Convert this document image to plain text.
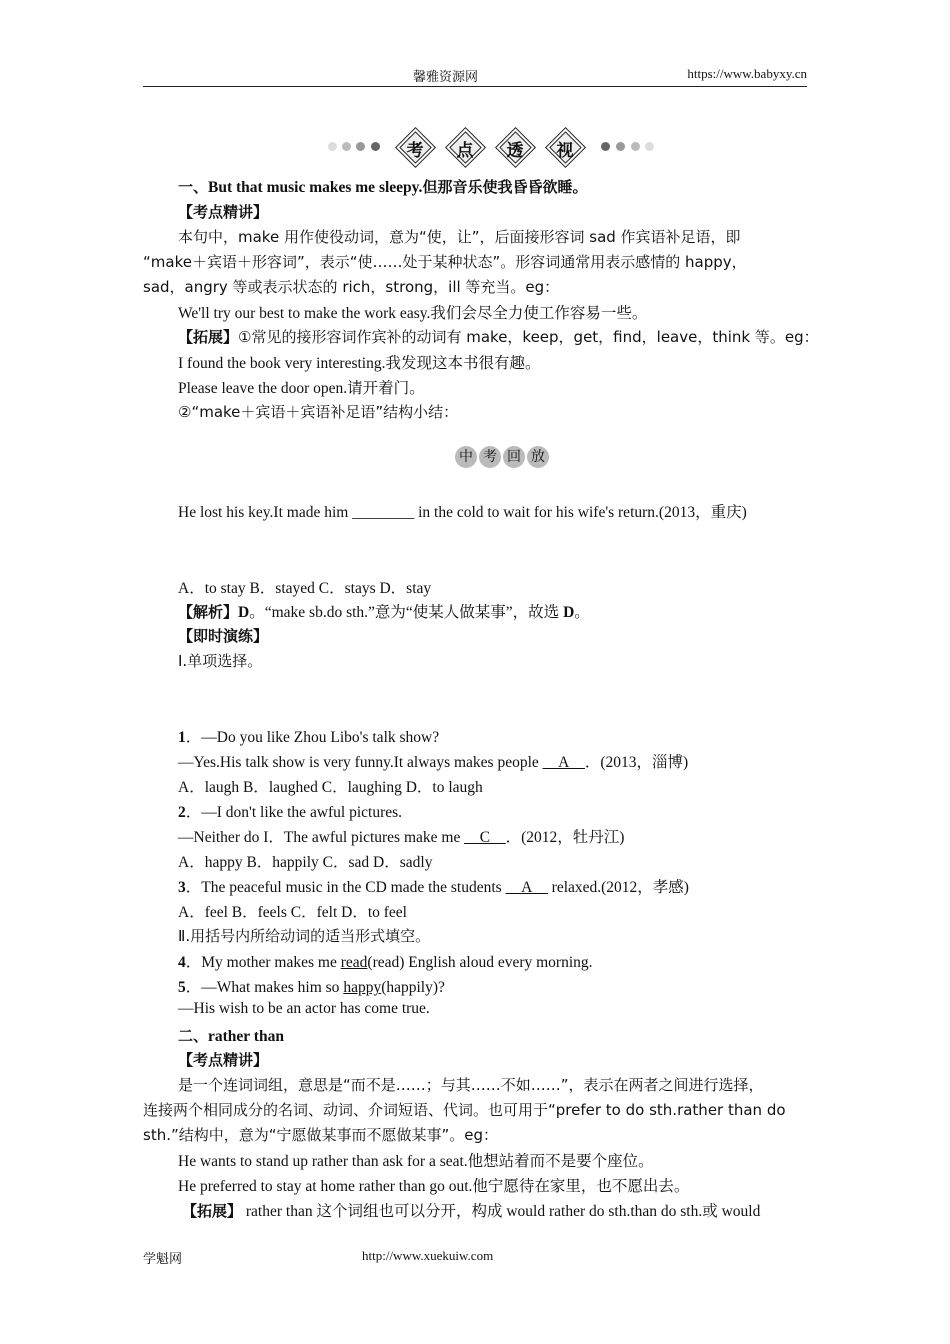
馨雅资源网	https://www.babyxy.cn
考	点	透	视
一、But that music makes me sleepy.但那音乐使我昏昏欲睡。
【考点精讲】
本句中，make 用作使役动词，意为“使，让”，后面接形容词 sad 作宾语补足语，即
“make＋宾语＋形容词”，表示“使……处于某种状态”。形容词通常用表示感情的 happy，
sad，angry 等或表示状态的 rich，strong，ill 等充当。eg：
We'll try our best to make the work easy.我们会尽全力使工作容易一些。
【拓展】①常见的接形容词作宾补的动词有 make，keep，get，find，leave，think 等。eg：
I found the book very interesting.我发现这本书很有趣。
Please leave the door open.请开着门。
②“make＋宾语＋宾语补足语”结构小结：
中 考 回 放
He lost his key.It made him ________ in the cold to wait for his wife's return.(2013，重庆)
A．to stay B．stayed C．stays D．stay
【解析】D。“make sb.do sth.”意为“使某人做某事”，故选 D。
【即时演练】
Ⅰ.单项选择。
1．—Do you like Zhou Libo's talk show?
—Yes.His talk show is very funny.It always makes people __A__．(2013，淄博)
A．laugh B．laughed C．laughing D．to laugh
2．—I don't like the awful pictures.
—Neither do I．The awful pictures make me __C__．(2012，牡丹江)
A．happy B．happily C．sad D．sadly
3．The peaceful music in the CD made the students __A__ relaxed.(2012，孝感)
A．feel B．feels C．felt D．to feel
Ⅱ.用括号内所给动词的适当形式填空。
4．My mother makes me read(read) English aloud every morning.
5．—What makes him so happy(happily)?
—His wish to be an actor has come true.
二、rather than
【考点精讲】
是一个连词词组，意思是“而不是……；与其……不如……”，表示在两者之间进行选择，
连接两个相同成分的名词、动词、介词短语、代词。也可用于“prefer to do sth.rather than do
sth.”结构中，意为“宁愿做某事而不愿做某事”。eg：
He wants to stand up rather than ask for a seat.他想站着而不是要个座位。
He preferred to stay at home rather than go out.他宁愿待在家里，也不愿出去。
【拓展】 rather than 这个词组也可以分开，构成 would rather do sth.than do sth.或 would
学魁网	http://www.xuekuiw.com
